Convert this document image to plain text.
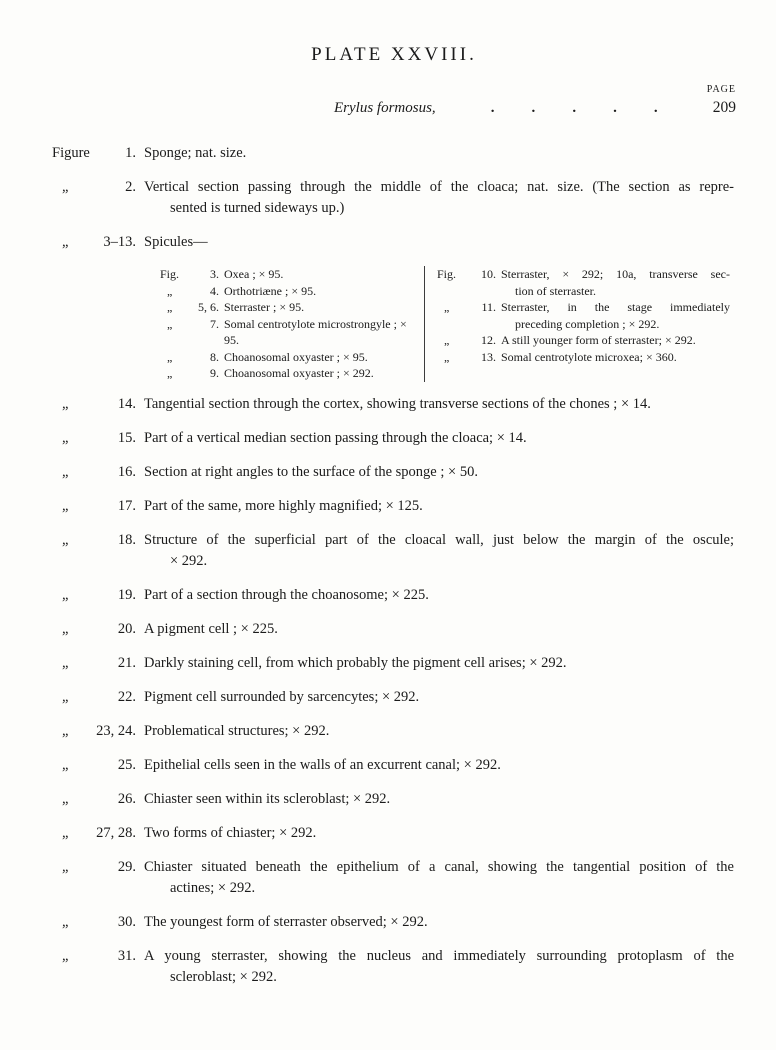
PLATE XXVIII.
PAGE
Erylus formosus,	. . . . .	209
Figure	1. Sponge; nat. size.
„	2. Vertical section passing through the middle of the cloaca; nat. size. (The section as repre-
sented is turned sideways up.)
„	3–13. Spicules—
Fig.	3. Oxea ; × 95.
„	4. Orthotriæne ; × 95.
„	5, 6. Sterraster ; × 95.
„	7. Somal centrotylote microstrongyle ; × 95.
„	8. Choanosomal oxyaster ; × 95.
„	9. Choanosomal oxyaster ; × 292.
Fig.	10. Sterraster, × 292; 10a, transverse sec-
tion of sterraster.
„	11. Sterraster, in the stage immediately
preceding completion ; × 292.
„	12. A still younger form of sterraster; × 292.
„	13. Somal centrotylote microxea; × 360.
„	14. Tangential section through the cortex, showing transverse sections of the chones ; × 14.
„	15. Part of a vertical median section passing through the cloaca; × 14.
„	16. Section at right angles to the surface of the sponge ; × 50.
„	17. Part of the same, more highly magnified; × 125.
„	18. Structure of the superficial part of the cloacal wall, just below the margin of the oscule;
× 292.
„	19. Part of a section through the choanosome; × 225.
„	20. A pigment cell ; × 225.
„	21. Darkly staining cell, from which probably the pigment cell arises; × 292.
„	22. Pigment cell surrounded by sarcencytes; × 292.
„	23, 24. Problematical structures; × 292.
„	25. Epithelial cells seen in the walls of an excurrent canal; × 292.
„	26. Chiaster seen within its scleroblast; × 292.
„	27, 28. Two forms of chiaster; × 292.
„	29. Chiaster situated beneath the epithelium of a canal, showing the tangential position of the
actines; × 292.
„	30. The youngest form of sterraster observed; × 292.
„	31. A young sterraster, showing the nucleus and immediately surrounding protoplasm of the
scleroblast; × 292.
